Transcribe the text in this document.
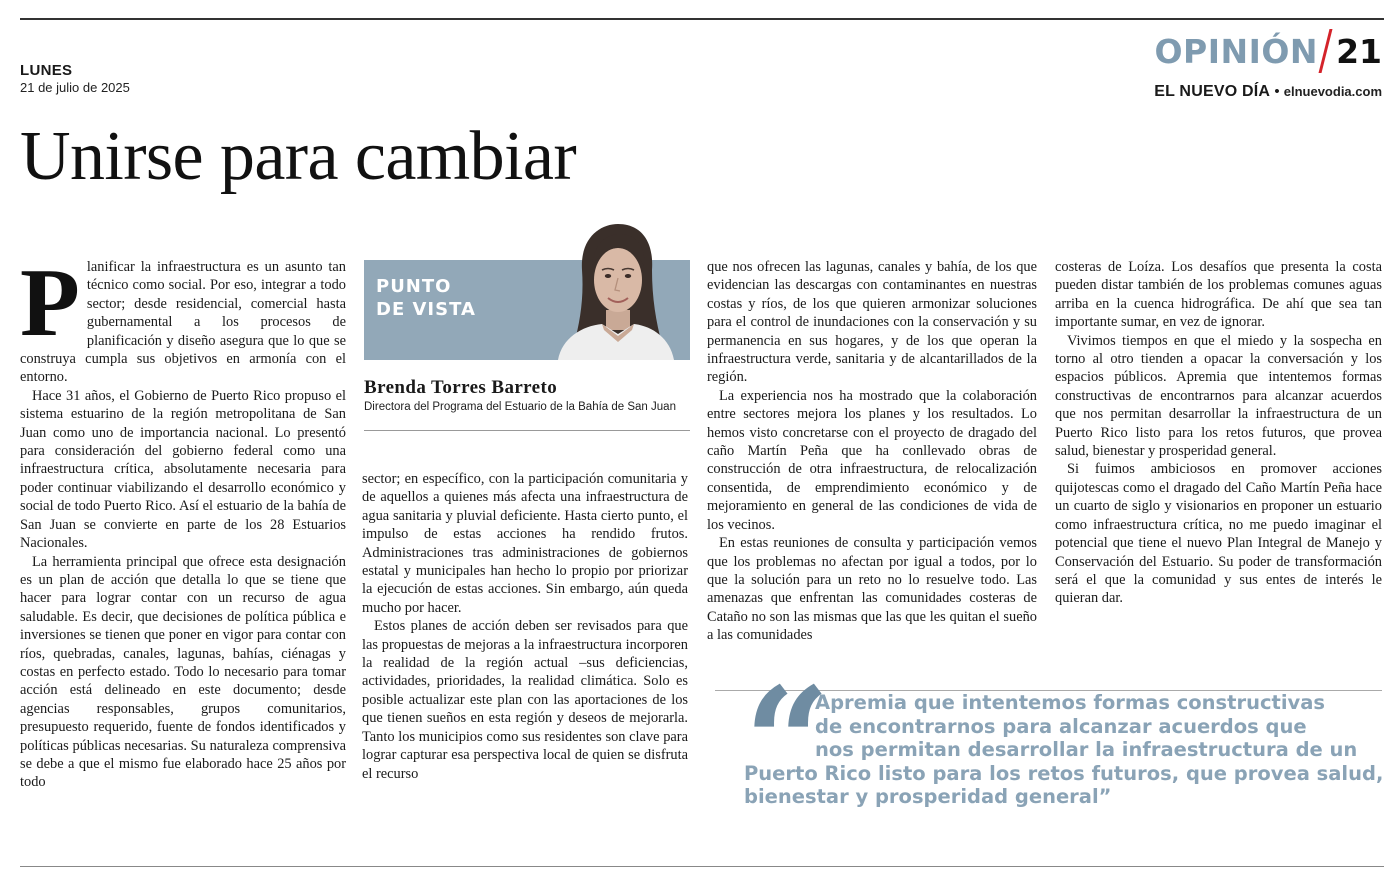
LUNES
21 de julio de 2025
OPINIÓN 21
EL NUEVO DÍA • elnuevodia.com
Unirse para cambiar

Planificar la infraestructura es un asunto tan técnico como social. Por eso, integrar a todo sector; desde residencial, comercial hasta gubernamental a los procesos de planificación y diseño asegura que lo que se construya cumpla sus objetivos en armonía con el entorno.

Hace 31 años, el Gobierno de Puerto Rico propuso el sistema estuarino de la región metropolitana de San Juan como uno de importancia nacional. Lo presentó para consideración del gobierno federal como una infraestructura crítica, absolutamente necesaria para poder continuar viabilizando el desarrollo económico y social de todo Puerto Rico. Así el estuario de la bahía de San Juan se convierte en parte de los 28 Estuarios Nacionales.

La herramienta principal que ofrece esta designación es un plan de acción que detalla lo que se tiene que hacer para lograr contar con un recurso de agua saludable. Es decir, que decisiones de política pública e inversiones se tienen que poner en vigor para contar con ríos, quebradas, canales, lagunas, bahías, ciénagas y costas en perfecto estado. Todo lo necesario para tomar acción está delineado en este documento; desde agencias responsables, grupos comunitarios, presupuesto requerido, fuente de fondos identificados y políticas públicas necesarias. Su naturaleza comprensiva se debe a que el mismo fue elaborado hace 25 años por todo

PUNTO
DE VISTA
Brenda Torres Barreto
Directora del Programa del Estuario de la Bahía de San Juan

sector; en específico, con la participación comunitaria y de aquellos a quienes más afecta una infraestructura de agua sanitaria y pluvial deficiente. Hasta cierto punto, el impulso de estas acciones ha rendido frutos. Administraciones tras administraciones de gobiernos estatal y municipales han hecho lo propio por priorizar la ejecución de estas acciones. Sin embargo, aún queda mucho por hacer.

Estos planes de acción deben ser revisados para que las propuestas de mejoras a la infraestructura incorporen la realidad de la región actual –sus deficiencias, actividades, prioridades, la realidad climática. Solo es posible actualizar este plan con las aportaciones de los que tienen sueños en esta región y deseos de mejorarla. Tanto los municipios como sus residentes son clave para lograr capturar esa perspectiva local de quien se disfruta el recurso

que nos ofrecen las lagunas, canales y bahía, de los que evidencian las descargas con contaminantes en nuestras costas y ríos, de los que quieren armonizar soluciones para el control de inundaciones con la conservación y su permanencia en sus hogares, y de los que operan la infraestructura verde, sanitaria y de alcantarillados de la región.

La experiencia nos ha mostrado que la colaboración entre sectores mejora los planes y los resultados. Lo hemos visto concretarse con el proyecto de dragado del caño Martín Peña que ha conllevado obras de construcción de otra infraestructura, de relocalización consentida, de emprendimiento económico y de mejoramiento en general de las condiciones de vida de los vecinos.

En estas reuniones de consulta y participación vemos que los problemas no afectan por igual a todos, por lo que la solución para un reto no lo resuelve todo. Las amenazas que enfrentan las comunidades costeras de Cataño no son las mismas que las que les quitan el sueño a las comunidades

costeras de Loíza. Los desafíos que presenta la costa pueden distar también de los problemas comunes aguas arriba en la cuenca hidrográfica. De ahí que sea tan importante sumar, en vez de ignorar.

Vivimos tiempos en que el miedo y la sospecha en torno al otro tienden a opacar la conversación y los espacios públicos. Apremia que intentemos formas constructivas de encontrarnos para alcanzar acuerdos que nos permitan desarrollar la infraestructura de un Puerto Rico listo para los retos futuros, que provea salud, bienestar y prosperidad general.

Si fuimos ambiciosos en promover acciones quijotescas como el dragado del Caño Martín Peña hace un cuarto de siglo y visionarios en proponer un estuario como infraestructura crítica, no me puedo imaginar el potencial que tiene el nuevo Plan Integral de Manejo y Conservación del Estuario. Su poder de transformación será el que la comunidad y sus entes de interés le quieran dar.

“
Apremia que intentemos formas constructivas
de encontrarnos para alcanzar acuerdos que
nos permitan desarrollar la infraestructura de un
Puerto Rico listo para los retos futuros, que provea salud,
bienestar y prosperidad general”
